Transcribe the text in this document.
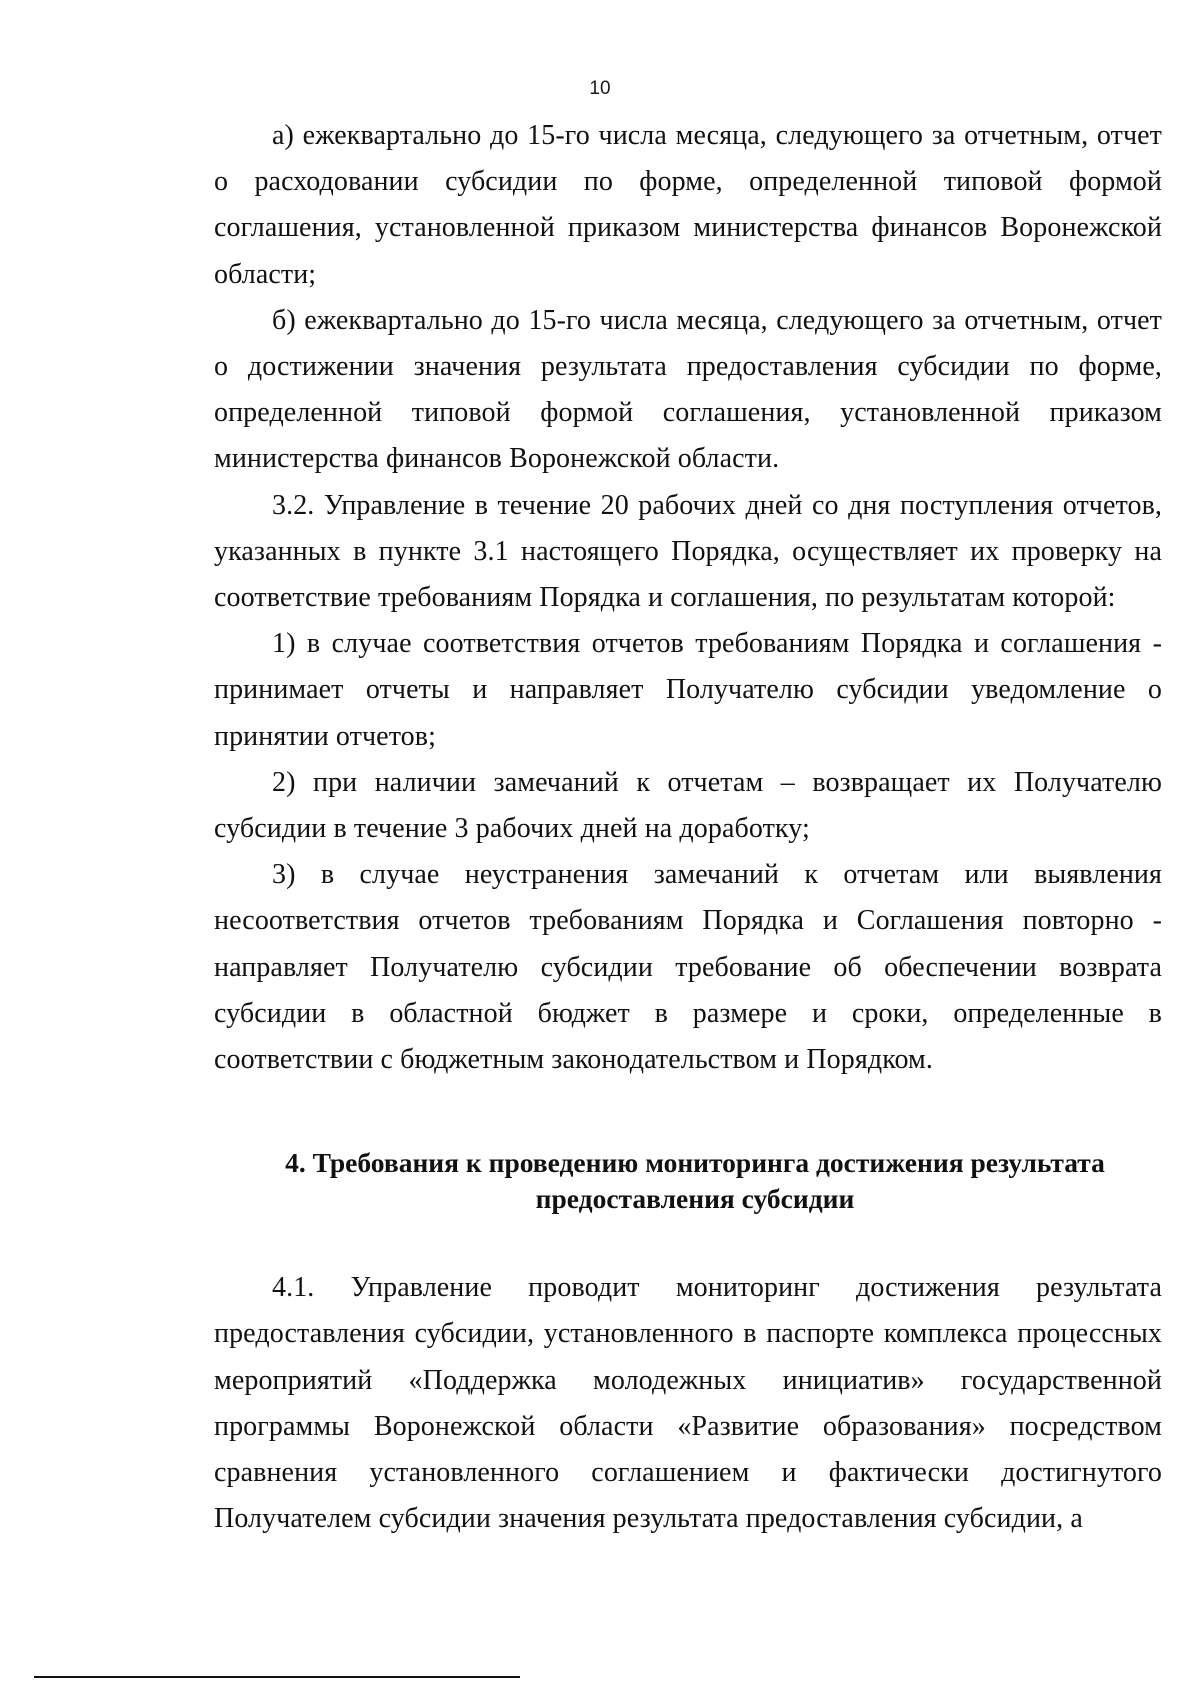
10

а) ежеквартально до 15-го числа месяца, следующего за отчетным, отчет о расходовании субсидии по форме, определенной типовой формой соглашения, установленной приказом министерства финансов Воронежской области;

б) ежеквартально до 15-го числа месяца, следующего за отчетным, отчет о достижении значения результата предоставления субсидии по форме, определенной типовой формой соглашения, установленной приказом министерства финансов Воронежской области.

3.2. Управление в течение 20 рабочих дней со дня поступления отчетов, указанных в пункте 3.1 настоящего Порядка, осуществляет их проверку на соответствие требованиям Порядка и соглашения, по результатам которой:

1) в случае соответствия отчетов требованиям Порядка и соглашения - принимает отчеты и направляет Получателю субсидии уведомление о принятии отчетов;

2) при наличии замечаний к отчетам – возвращает их Получателю субсидии в течение 3 рабочих дней на доработку;

3) в случае неустранения замечаний к отчетам или выявления несоответствия отчетов требованиям Порядка и Соглашения повторно - направляет Получателю субсидии требование об обеспечении возврата субсидии в областной бюджет в размере и сроки, определенные в соответствии с бюджетным законодательством и Порядком.

4. Требования к проведению мониторинга достижения результата
предоставления субсидии

4.1. Управление проводит мониторинг достижения результата предоставления субсидии, установленного в паспорте комплекса процессных мероприятий «Поддержка молодежных инициатив» государственной программы Воронежской области «Развитие образования» посредством сравнения установленного соглашением и фактически достигнутого Получателем субсидии значения результата предоставления субсидии, а
